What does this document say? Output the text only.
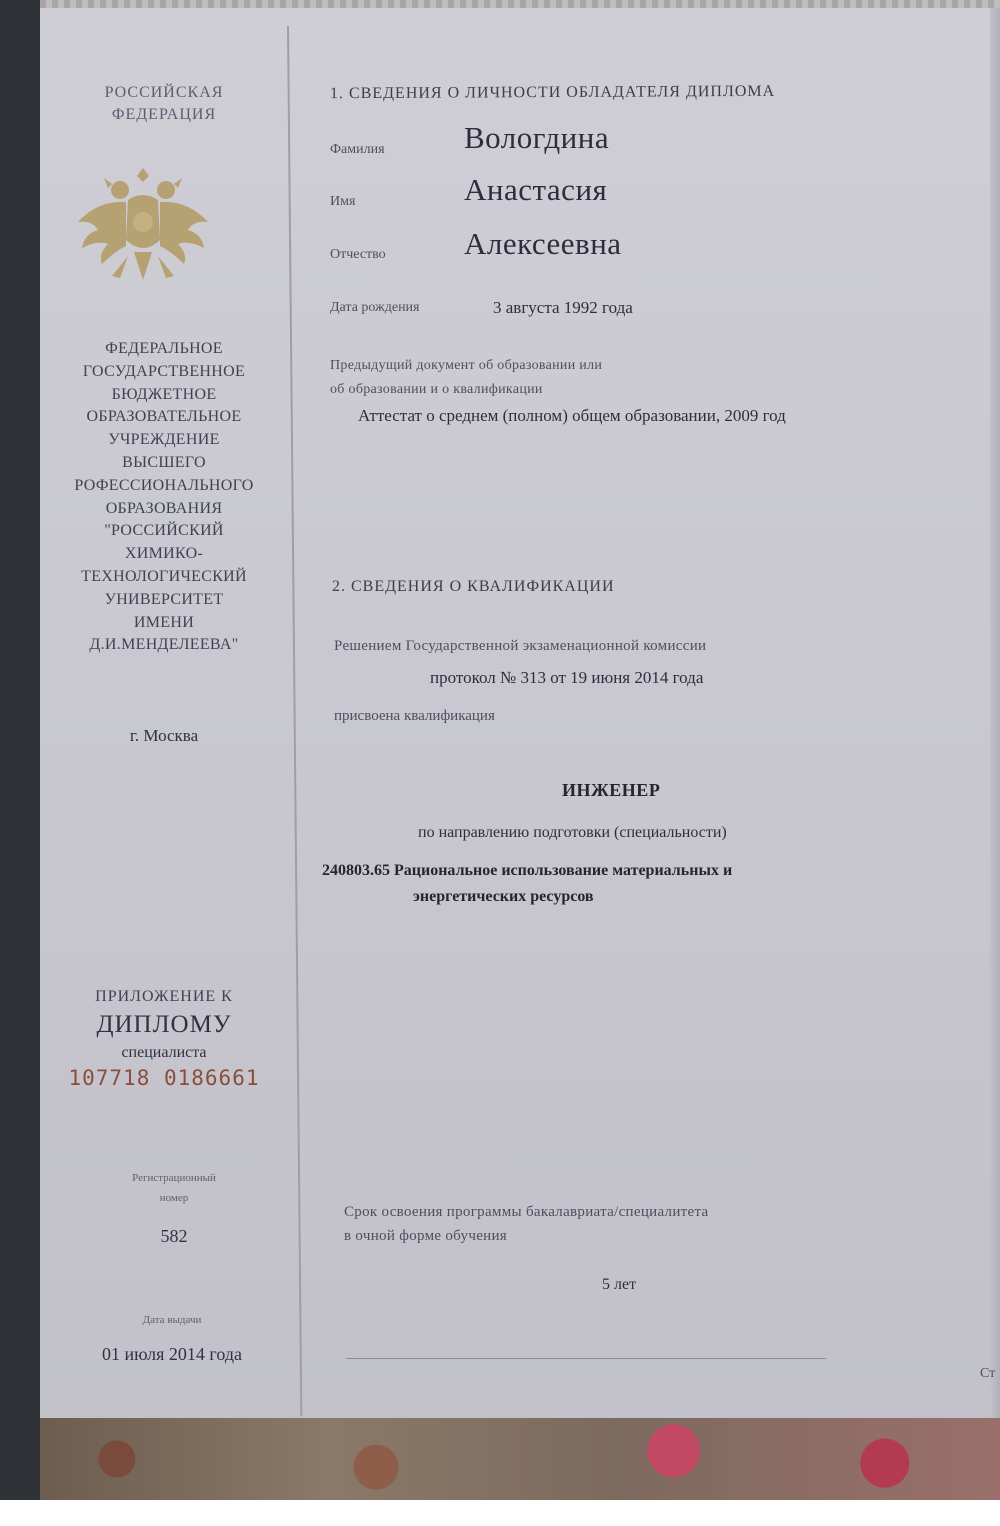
РОССИЙСКАЯ
ФЕДЕРАЦИЯ
ФЕДЕРАЛЬНОЕ
ГОСУДАРСТВЕННОЕ
БЮДЖЕТНОЕ
ОБРАЗОВАТЕЛЬНОЕ
УЧРЕЖДЕНИЕ
ВЫСШЕГО
РОФЕССИОНАЛЬНОГО
ОБРАЗОВАНИЯ
"РОССИЙСКИЙ
ХИМИКО-
ТЕХНОЛОГИЧЕСКИЙ
УНИВЕРСИТЕТ
ИМЕНИ
Д.И.МЕНДЕЛЕЕВА"
г. Москва
ПРИЛОЖЕНИЕ К
ДИПЛОМУ
специалиста
107718 0186661
Регистрационный
номер
582
Дата выдачи
01 июля 2014 года
1. СВЕДЕНИЯ О ЛИЧНОСТИ ОБЛАДАТЕЛЯ ДИПЛОМА
Фамилия	Вологдина
Имя	Анастасия
Отчество	Алексеевна
Дата рождения	3 августа 1992 года
Предыдущий документ об образовании или
об образовании и о квалификации
Аттестат о среднем (полном) общем образовании, 2009 год
2. СВЕДЕНИЯ О КВАЛИФИКАЦИИ
Решением Государственной экзаменационной комиссии
протокол № 313 от 19 июня 2014 года
присвоена квалификация
ИНЖЕНЕР
по направлению подготовки (специальности)
240803.65 Рациональное использование материальных и
энергетических ресурсов
Срок освоения программы бакалавриата/специалитета
в очной форме обучения
5 лет
Ст
